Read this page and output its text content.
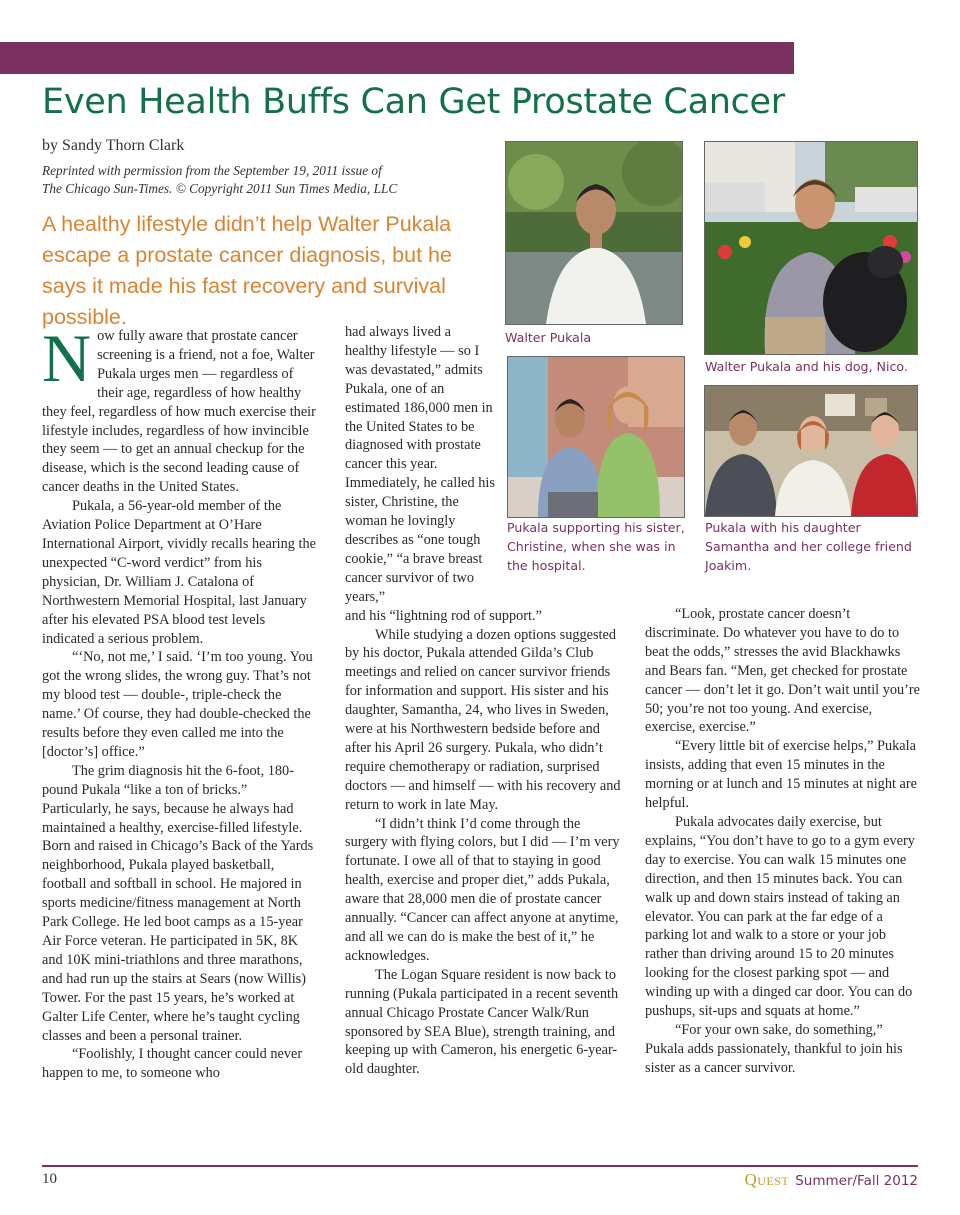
Even Health Buffs Can Get Prostate Cancer
by Sandy Thorn Clark
Reprinted with permission from the September 19, 2011 issue of
The Chicago Sun-Times. © Copyright 2011 Sun Times Media, LLC
A healthy lifestyle didn’t help Walter Pukala escape a prostate cancer diagnosis, but he says it made his fast recovery and survival possible.
Walter Pukala
Walter Pukala and his dog, Nico.
Pukala supporting his sister, Christine, when she was in the hospital.
Pukala with his daughter Samantha and her college friend Joakim.

Now fully aware that prostate cancer screening is a friend, not a foe, Walter Pukala urges men — regardless of their age, regardless of how healthy they feel, regardless of how much exercise their lifestyle includes, regardless of how invincible they seem — to get an annual checkup for the disease, which is the second leading cause of cancer deaths in the United States.

Pukala, a 56-year-old member of the Aviation Police Department at O’Hare International Airport, vividly recalls hearing the unexpected “C-word verdict” from his physician, Dr. William J. Catalona of Northwestern Memorial Hospital, last January after his elevated PSA blood test levels indicated a serious problem.

“‘No, not me,’ I said. ‘I’m too young. You got the wrong slides, the wrong guy. That’s not my blood test — double-, triple-check the name.’ Of course, they had double-checked the results before they even called me into the [doctor’s] office.”

The grim diagnosis hit the 6-foot, 180-pound Pukala “like a ton of bricks.” Particularly, he says, because he always had maintained a healthy, exercise-filled lifestyle. Born and raised in Chicago’s Back of the Yards neighborhood, Pukala played basketball, football and softball in school. He majored in sports medicine/fitness management at North Park College. He led boot camps as a 15-year Air Force veteran. He participated in 5K, 8K and 10K mini-triathlons and three marathons, and had run up the stairs at Sears (now Willis) Tower. For the past 15 years, he’s worked at Galter Life Center, where he’s taught cycling classes and been a personal trainer.

“Foolishly, I thought cancer could never happen to me, to someone who

had always lived a healthy lifestyle — so I was devastated,” admits Pukala, one of an estimated 186,000 men in the United States to be diagnosed with prostate cancer this year. Immediately, he called his sister, Christine, the woman he lovingly describes as “one tough cookie,” “a brave breast cancer survivor of two years,”

and his “lightning rod of support.”

While studying a dozen options suggested by his doctor, Pukala attended Gilda’s Club meetings and relied on cancer survivor friends for information and support. His sister and his daughter, Samantha, 24, who lives in Sweden, were at his Northwestern bedside before and after his April 26 surgery. Pukala, who didn’t require chemotherapy or radiation, surprised doctors — and himself — with his recovery and return to work in late May.

“I didn’t think I’d come through the surgery with flying colors, but I did — I’m very fortunate. I owe all of that to staying in good health, exercise and proper diet,” adds Pukala, aware that 28,000 men die of prostate cancer annually. “Cancer can affect anyone at anytime, and all we can do is make the best of it,” he acknowledges.

The Logan Square resident is now back to running (Pukala participated in a recent seventh annual Chicago Prostate Cancer Walk/Run sponsored by SEA Blue), strength training, and keeping up with Cameron, his energetic 6-year-old daughter.

“Look, prostate cancer doesn’t discriminate. Do whatever you have to do to beat the odds,” stresses the avid Blackhawks and Bears fan. “Men, get checked for prostate cancer — don’t let it go. Don’t wait until you’re 50; you’re not too young. And exercise, exercise, exercise.”

“Every little bit of exercise helps,” Pukala insists, adding that even 15 minutes in the morning or at lunch and 15 minutes at night are helpful.

Pukala advocates daily exercise, but explains, “You don’t have to go to a gym every day to exercise. You can walk 15 minutes one direction, and then 15 minutes back. You can walk up and down stairs instead of taking an elevator. You can park at the far edge of a parking lot and walk to a store or your job rather than driving around 15 to 20 minutes looking for the closest parking spot — and winding up with a dinged car door. You can do pushups, sit-ups and squats at home.”

“For your own sake, do something,” Pukala adds passionately, thankful to join his sister as a cancer survivor.

10	Quest Summer/Fall 2012
